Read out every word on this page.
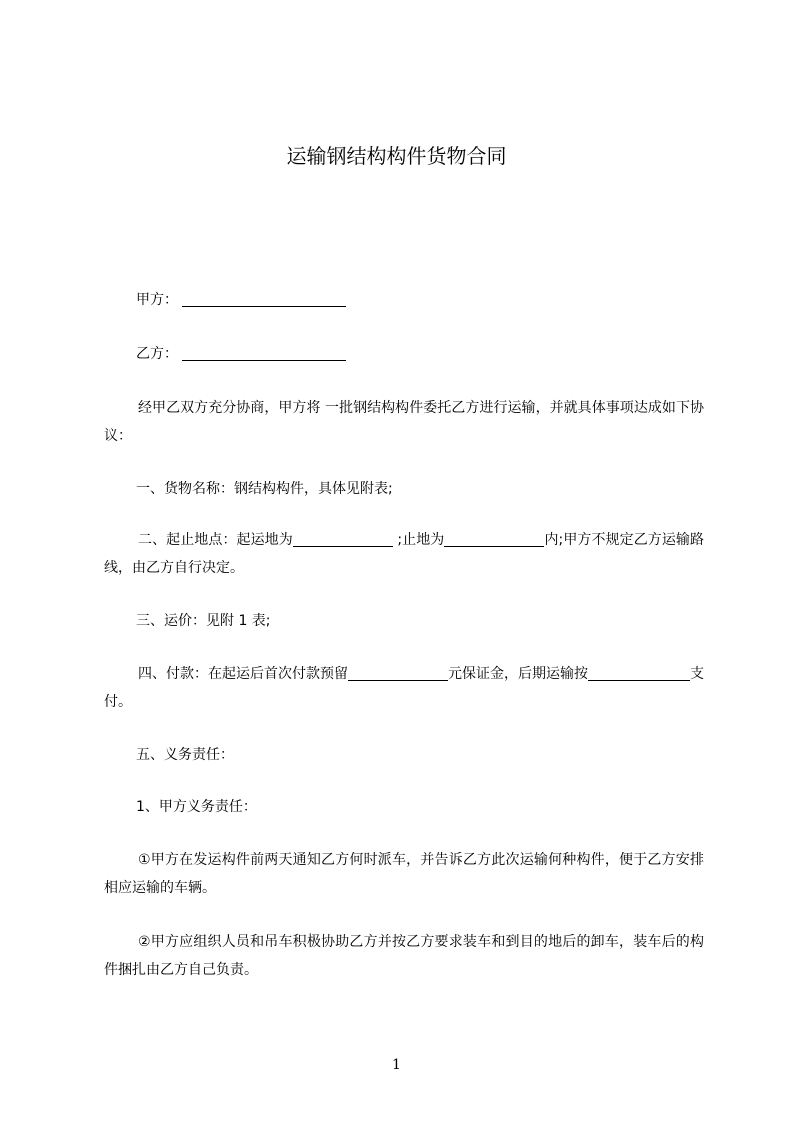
运输钢结构构件货物合同
甲方：
乙方：
经甲乙双方充分协商，甲方将 一批钢结构构件委托乙方进行运输，并就具体事项达成如下协议：
一、货物名称：钢结构构件，具体见附表;
二、起止地点：起运地为	;止地为	内;甲方不规定乙方运输路线，由乙方自行决定。
三、运价：见附 1 表;
四、付款：在起运后首次付款预留	元保证金，后期运输按	支付。
五、义务责任：
1、甲方义务责任：
①甲方在发运构件前两天通知乙方何时派车，并告诉乙方此次运输何种构件，便于乙方安排相应运输的车辆。
②甲方应组织人员和吊车积极协助乙方并按乙方要求装车和到目的地后的卸车，装车后的构件捆扎由乙方自己负责。
1
